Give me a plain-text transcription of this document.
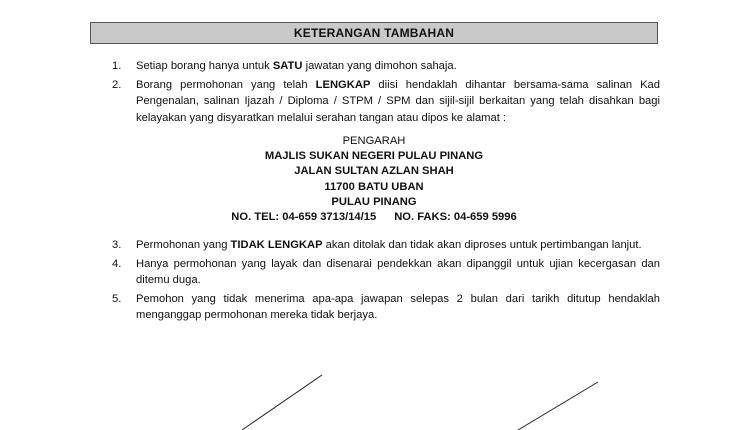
KETERANGAN TAMBAHAN
1.	Setiap borang hanya untuk SATU jawatan yang dimohon sahaja.
2.	Borang permohonan yang telah LENGKAP diisi hendaklah dihantar bersama-sama salinan Kad Pengenalan, salinan Ijazah / Diploma / STPM / SPM dan sijil-sijil berkaitan yang telah disahkan bagi kelayakan yang disyaratkan melalui serahan tangan atau dipos ke alamat :
PENGARAH
MAJLIS SUKAN NEGERI PULAU PINANG
JALAN SULTAN AZLAN SHAH
11700 BATU UBAN
PULAU PINANG
NO. TEL: 04-659 3713/14/15 NO. FAKS: 04-659 5996
3.	Permohonan yang TIDAK LENGKAP akan ditolak dan tidak akan diproses untuk pertimbangan lanjut.
4.	Hanya permohonan yang layak dan disenarai pendekkan akan dipanggil untuk ujian kecergasan dan ditemu duga.
5.	Pemohon yang tidak menerima apa-apa jawapan selepas 2 bulan dari tarikh ditutup hendaklah menganggap permohonan mereka tidak berjaya.
